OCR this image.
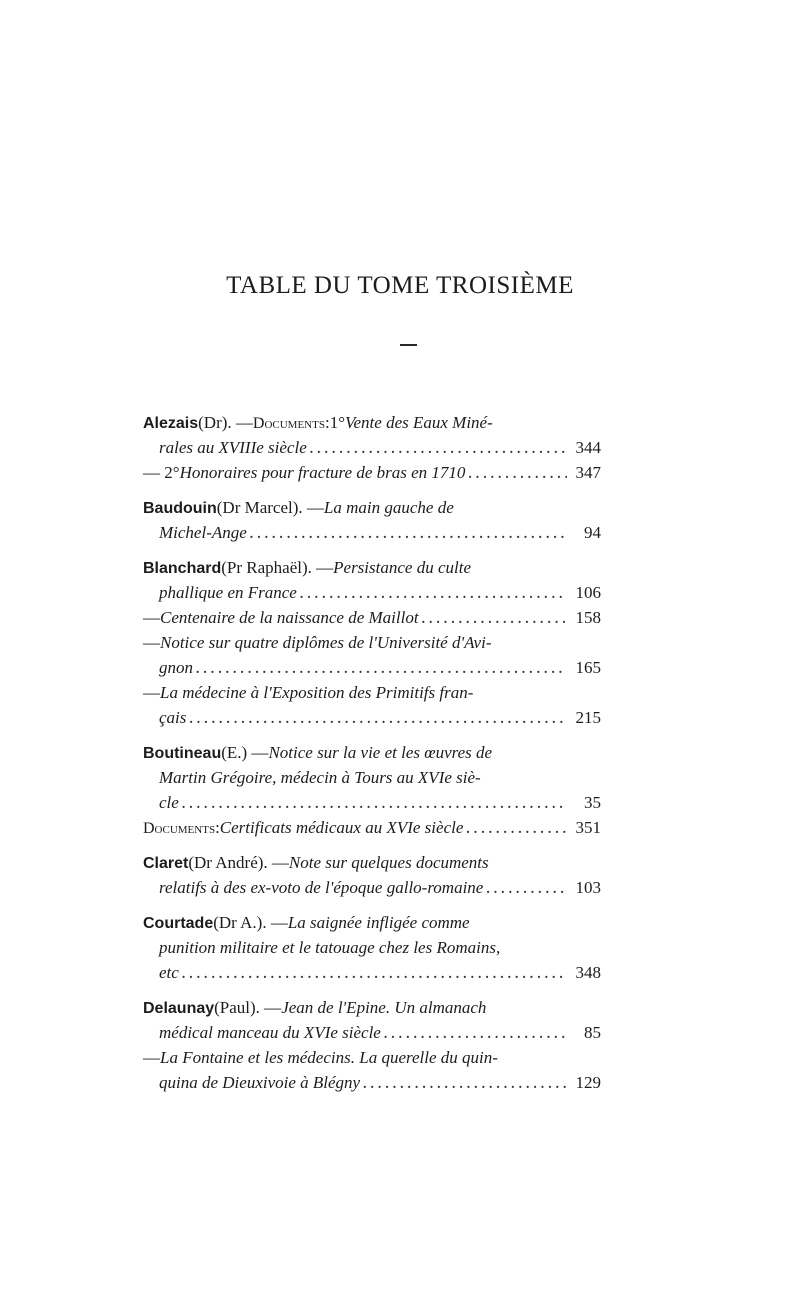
TABLE DU TOME TROISIÈME
Alezais (Dr). — Documents : 1° Vente des Eaux Miné-
rales au XVIIIe siècle .....	344
— 2° Honoraires pour fracture de bras en 1710 .....	347
Baudouin (Dr Marcel). — La main gauche de
Michel-Ange .....	94
Blanchard (Pr Raphaël). — Persistance du culte
phallique en France .....	106
— Centenaire de la naissance de Maillot .....	158
— Notice sur quatre diplômes de l'Université d'Avi-
gnon .....	165
— La médecine à l'Exposition des Primitifs fran-
çais .....	215
Boutineau (E.) — Notice sur la vie et les œuvres de
Martin Grégoire, médecin à Tours au XVIe siè-
cle .....	35
Documents : Certificats médicaux au XVIe siècle .....	351
Claret (Dr André). — Note sur quelques documents
relatifs à des ex-voto de l'époque gallo-romaine .....	103
Courtade (Dr A.). — La saignée infligée comme
punition militaire et le tatouage chez les Romains,
etc .....	348
Delaunay (Paul). — Jean de l'Epine. Un almanach
médical manceau du XVIe siècle .....	85
— La Fontaine et les médecins. La querelle du quin-
quina de Dieuxivoie à Blégny .....	129
